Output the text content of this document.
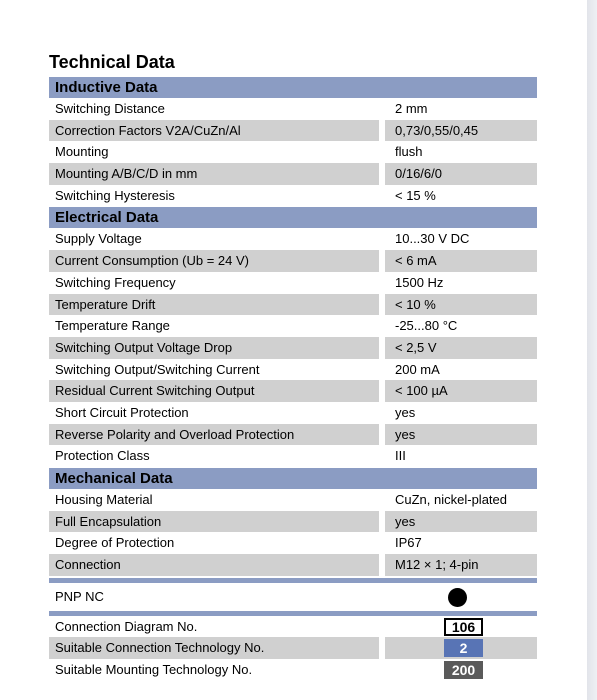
Technical Data
Inductive Data
Switching Distance	2 mm
Correction Factors V2A/CuZn/Al	0,73/0,55/0,45
Mounting	flush
Mounting A/B/C/D in mm	0/16/6/0
Switching Hysteresis	< 15 %
Electrical Data
Supply Voltage	10...30 V DC
Current Consumption (Ub = 24 V)	< 6 mA
Switching Frequency	1500 Hz
Temperature Drift	< 10 %
Temperature Range	-25...80 °C
Switching Output Voltage Drop	< 2,5 V
Switching Output/Switching Current	200 mA
Residual Current Switching Output	< 100 µA
Short Circuit Protection	yes
Reverse Polarity and Overload Protection	yes
Protection Class	III
Mechanical Data
Housing Material	CuZn, nickel-plated
Full Encapsulation	yes
Degree of Protection	IP67
Connection	M12 × 1; 4-pin
PNP NC
Connection Diagram No.	106
Suitable Connection Technology No.	2
Suitable Mounting Technology No.	200
